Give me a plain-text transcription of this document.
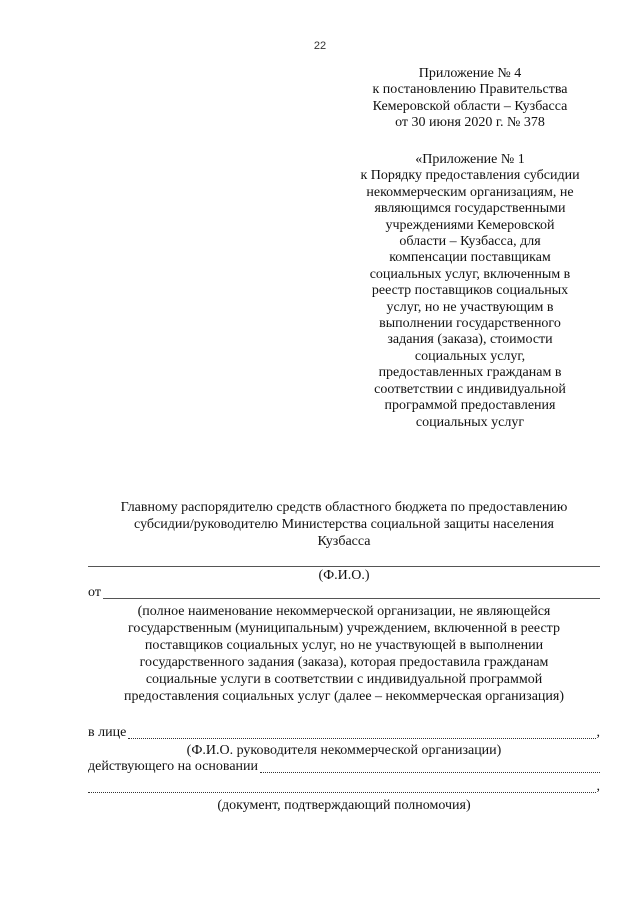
22
Приложение № 4
к постановлению Правительства
Кемеровской области – Кузбасса
от 30 июня 2020 г. № 378
«Приложение № 1
к Порядку предоставления субсидии
некоммерческим организациям, не
являющимся государственными
учреждениями Кемеровской
области – Кузбасса, для
компенсации поставщикам
социальных услуг, включенным в
реестр поставщиков социальных
услуг, но не участвующим в
выполнении государственного
задания (заказа), стоимости
социальных услуг,
предоставленных гражданам в
соответствии с индивидуальной
программой предоставления
социальных услуг
Главному распорядителю средств областного бюджета по предоставлению
субсидии/руководителю Министерства социальной защиты населения
Кузбасса
(Ф.И.О.)
от
(полное наименование некоммерческой организации, не являющейся
государственным (муниципальным) учреждением, включенной в реестр
поставщиков социальных услуг, но не участвующей в выполнении
государственного задания (заказа), которая предоставила гражданам
социальные услуги в соответствии с индивидуальной программой
предоставления социальных услуг (далее – некоммерческая организация)
в лице	,
(Ф.И.О. руководителя некоммерческой организации)
действующего на основании
,
(документ, подтверждающий полномочия)
